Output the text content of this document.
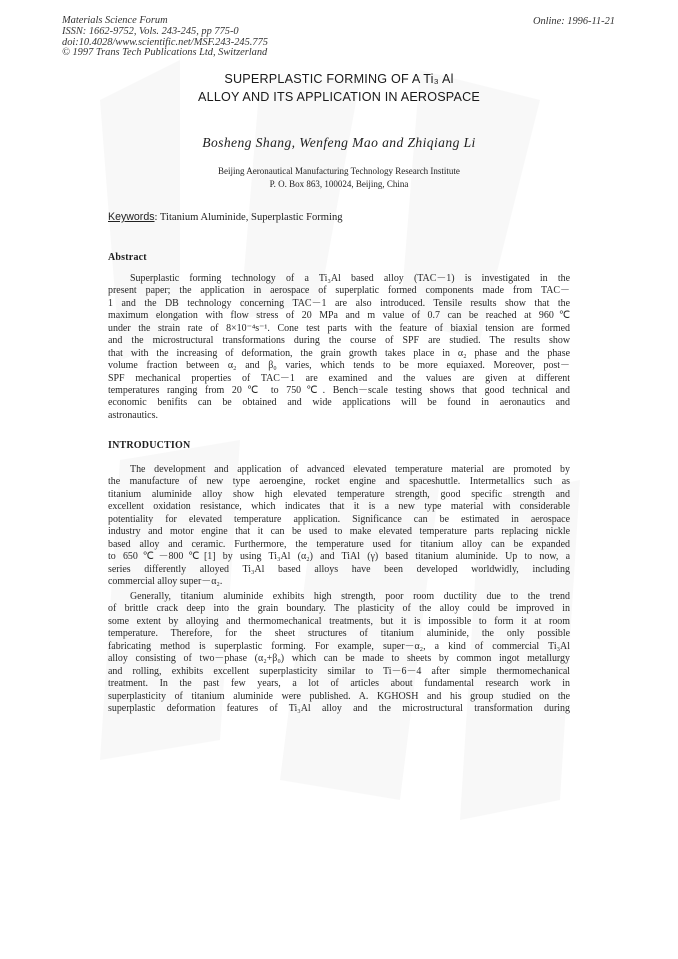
Materials Science Forum
ISSN: 1662-9752, Vols. 243-245, pp 775-0
doi:10.4028/www.scientific.net/MSF.243-245.775
© 1997 Trans Tech Publications Ltd, Switzerland
Online: 1996-11-21
SUPERPLASTIC FORMING OF A Ti₃ Al
ALLOY AND ITS APPLICATION IN AEROSPACE
Bosheng Shang, Wenfeng Mao and Zhiqiang Li
Beijing Aeronautical Manufacturing Technology Research Institute
P. O. Box 863, 100024, Beijing, China
Keywords: Titanium Aluminide, Superplastic Forming
Abstract
Superplastic forming technology of a Ti₃Al based alloy (TAC－1) is investigated in the
present paper; the application in aerospace of superplatic formed components made from TAC－
1 and the DB technology concerning TAC－1 are also introduced. Tensile results show that the
maximum elongation with flow stress of 20 MPa and m value of 0.7 can be reached at 960℃
under the strain rate of 8×10⁻⁴s⁻¹. Cone test parts with the feature of biaxial tension are formed
and the microstructural transformations during the course of SPF are studied. The results show
that with the increasing of deformation, the grain growth takes place in α₂ phase and the phase
volume fraction between α₂ and β₀ varies, which tends to be more equiaxed. Moreover, post－
SPF mechanical properties of TAC－1 are examined and the values are given at different
temperatures ranging from 20℃ to 750℃. Bench－scale testing shows that good technical and
economic benifits can be obtained and wide applications will be found in aeronautics and
astronautics.
INTRODUCTION
The development and application of advanced elevated temperature material are promoted by
the manufacture of new type aeroengine, rocket engine and spaceshuttle. Intermetallics such as
titanium aluminide alloy show high elevated temperature strength, good specific strength and
excellent oxidation resistance, which indicates that it is a new type material with considerable
potentiality for elevated temperature application. Significance can be estimated in aerospace
industry and motor engine that it can be used to make elevated temperature parts replacing nickle
based alloy and ceramic. Furthermore, the temperature used for titanium alloy can be expanded
to 650℃－800℃[1] by using Ti₃Al (α₂) and TiAl (γ) based titanium aluminide. Up to now, a
series differently alloyed Ti₃Al based alloys have been developed worldwidly, including
commercial alloy super－α₂.
Generally, titanium aluminide exhibits high strength, poor room ductility due to the trend
of brittle crack deep into the grain boundary. The plasticity of the alloy could be improved in
some extent by alloying and thermomechanical treatments, but it is impossible to form it at room
temperature. Therefore, for the sheet structures of titanium aluminide, the only possible
fabricating method is superplastic forming. For example, super－α₂, a kind of commercial Ti₃Al
alloy consisting of two－phase (α₂+β₀) which can be made to sheets by common ingot metallurgy
and rolling, exhibits excellent superplasticity similar to Ti－6－4 after simple thermomechanical
treatment. In the past few years, a lot of articles about fundamental research work in
superplasticity of titanium aluminide were published. A. KGHOSH and his group studied on the
superplastic deformation features of Ti₃Al alloy and the microstructural transformation during
